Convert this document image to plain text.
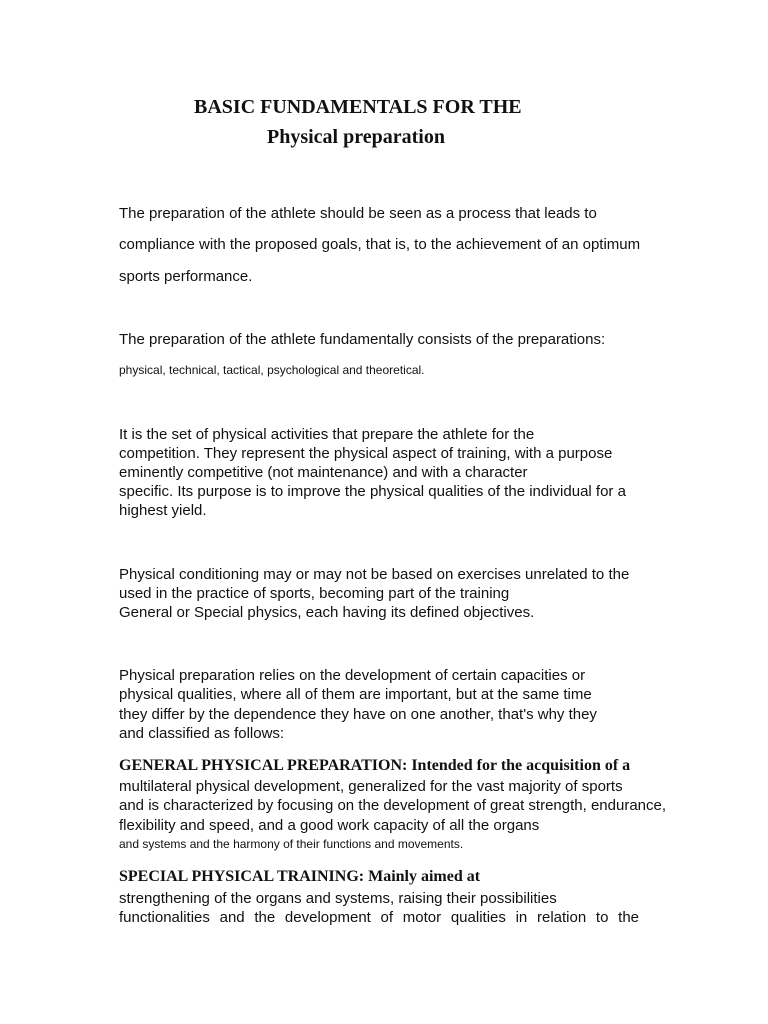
BASIC FUNDAMENTALS FOR THE
Physical preparation
The preparation of the athlete should be seen as a process that leads to
compliance with the proposed goals, that is, to the achievement of an optimum
sports performance.
The preparation of the athlete fundamentally consists of the preparations:
physical, technical, tactical, psychological and theoretical.
It is the set of physical activities that prepare the athlete for the
competition. They represent the physical aspect of training, with a purpose
eminently competitive (not maintenance) and with a character
specific. Its purpose is to improve the physical qualities of the individual for a
highest yield.
Physical conditioning may or may not be based on exercises unrelated to the
used in the practice of sports, becoming part of the training
General or Special physics, each having its defined objectives.
Physical preparation relies on the development of certain capacities or
physical qualities, where all of them are important, but at the same time
they differ by the dependence they have on one another, that's why they
and classified as follows:
GENERAL PHYSICAL PREPARATION: Intended for the acquisition of a
multilateral physical development, generalized for the vast majority of sports
and is characterized by focusing on the development of great strength, endurance,
flexibility and speed, and a good work capacity of all the organs
and systems and the harmony of their functions and movements.
SPECIAL PHYSICAL TRAINING: Mainly aimed at
strengthening of the organs and systems, raising their possibilities
functionalities and the development of motor qualities in relation to the
